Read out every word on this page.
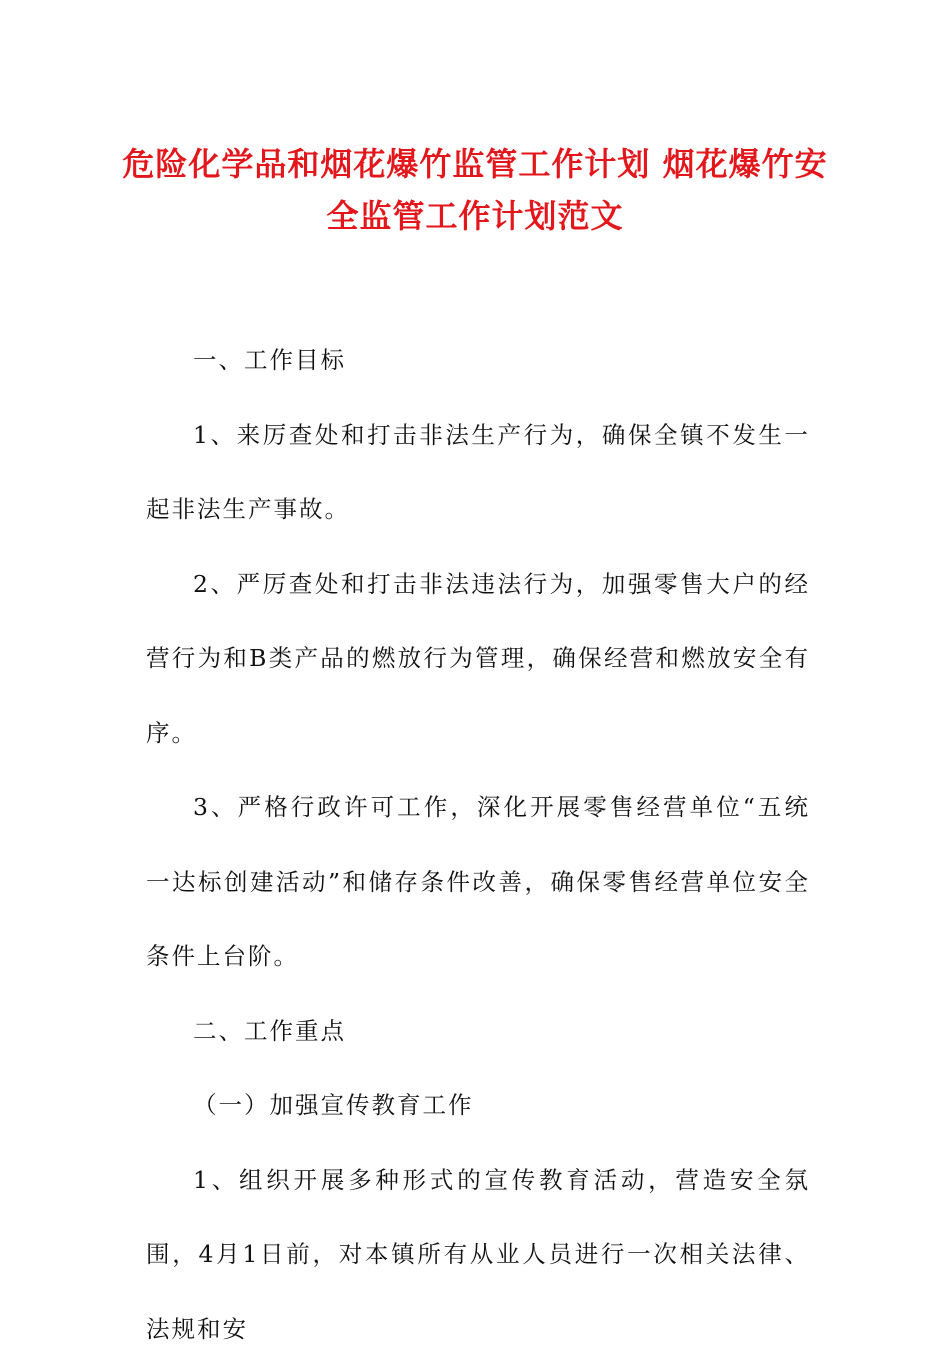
危险化学品和烟花爆竹监管工作计划 烟花爆竹安全监管工作计划范文

一、工作目标

1、来厉查处和打击非法生产行为，确保全镇不发生一起非法生产事故。

2、严厉查处和打击非法违法行为，加强零售大户的经营行为和B类产品的燃放行为管理，确保经营和燃放安全有序。

3、严格行政许可工作，深化开展零售经营单位“五统一达标创建活动”和储存条件改善，确保零售经营单位安全条件上台阶。

二、工作重点

（一）加强宣传教育工作

1、组织开展多种形式的宣传教育活动，营造安全氛围，4月1日前，对本镇所有从业人员进行一次相关法律、法规和安
